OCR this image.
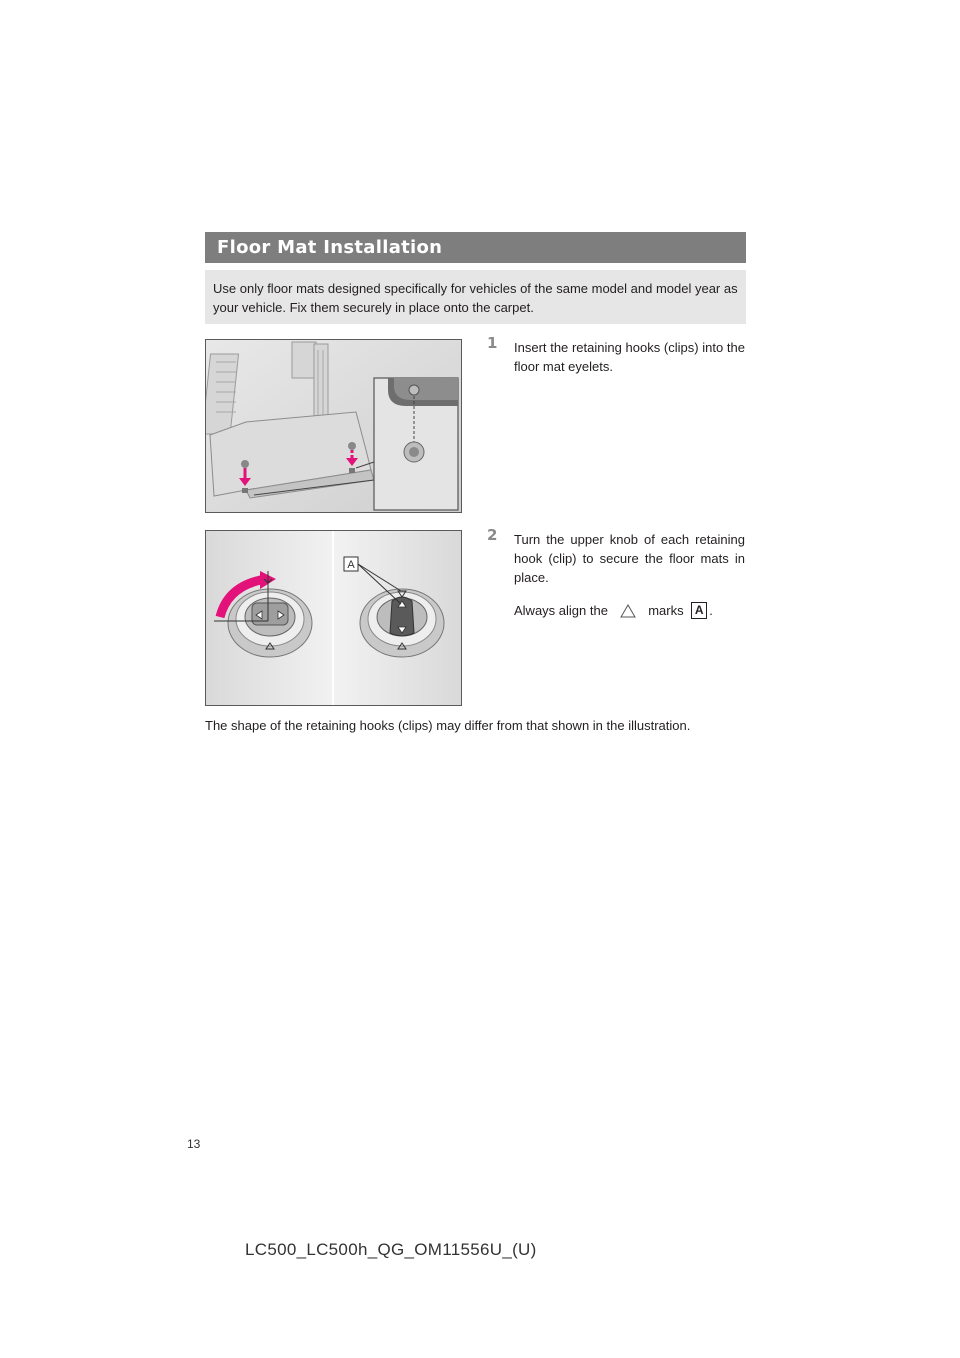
Floor Mat Installation
Use only floor mats designed specifically for vehicles of the same model and model year as your vehicle. Fix them securely in place onto the carpet.
1 Insert the retaining hooks (clips) into the floor mat eyelets.
A
2 Turn the upper knob of each retaining hook (clip) to secure the floor mats in place.
Always align the	marks A .
The shape of the retaining hooks (clips) may differ from that shown in the illustration.
13
LC500_LC500h_QG_OM11556U_(U)
